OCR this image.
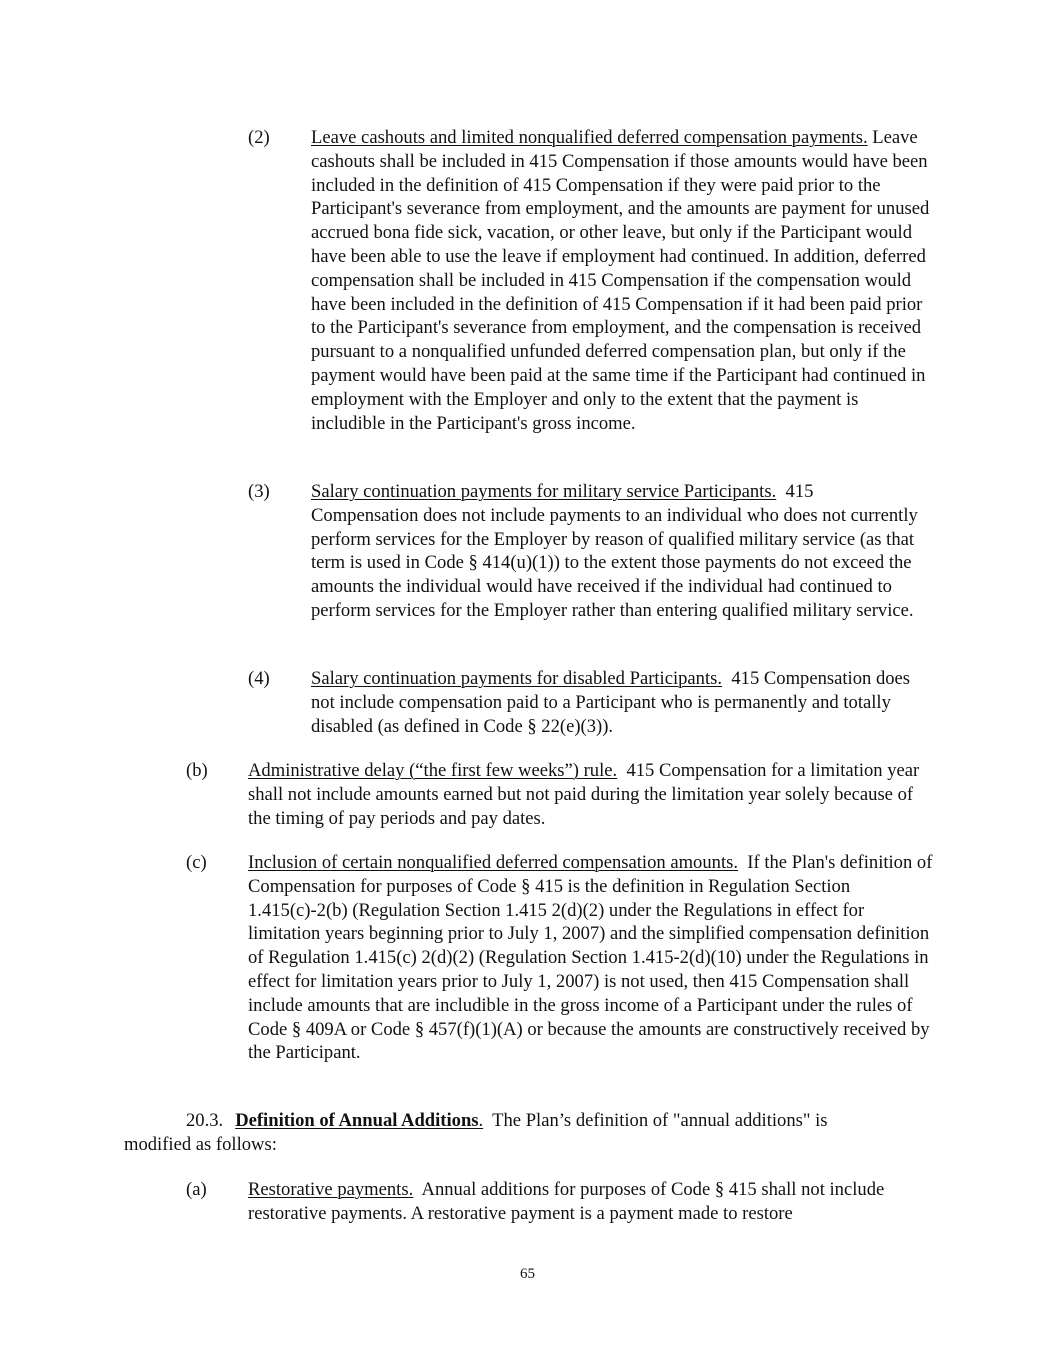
(2) Leave cashouts and limited nonqualified deferred compensation payments. Leave cashouts shall be included in 415 Compensation if those amounts would have been included in the definition of 415 Compensation if they were paid prior to the Participant's severance from employment, and the amounts are payment for unused accrued bona fide sick, vacation, or other leave, but only if the Participant would have been able to use the leave if employment had continued. In addition, deferred compensation shall be included in 415 Compensation if the compensation would have been included in the definition of 415 Compensation if it had been paid prior to the Participant's severance from employment, and the compensation is received pursuant to a nonqualified unfunded deferred compensation plan, but only if the payment would have been paid at the same time if the Participant had continued in employment with the Employer and only to the extent that the payment is includible in the Participant's gross income.

(3) Salary continuation payments for military service Participants. 415 Compensation does not include payments to an individual who does not currently perform services for the Employer by reason of qualified military service (as that term is used in Code § 414(u)(1)) to the extent those payments do not exceed the amounts the individual would have received if the individual had continued to perform services for the Employer rather than entering qualified military service.

(4) Salary continuation payments for disabled Participants. 415 Compensation does not include compensation paid to a Participant who is permanently and totally disabled (as defined in Code § 22(e)(3)).

(b) Administrative delay (“the first few weeks”) rule. 415 Compensation for a limitation year shall not include amounts earned but not paid during the limitation year solely because of the timing of pay periods and pay dates.

(c) Inclusion of certain nonqualified deferred compensation amounts. If the Plan's definition of Compensation for purposes of Code § 415 is the definition in Regulation Section 1.415(c)-2(b) (Regulation Section 1.415 2(d)(2) under the Regulations in effect for limitation years beginning prior to July 1, 2007) and the simplified compensation definition of Regulation 1.415(c) 2(d)(2) (Regulation Section 1.415-2(d)(10) under the Regulations in effect for limitation years prior to July 1, 2007) is not used, then 415 Compensation shall include amounts that are includible in the gross income of a Participant under the rules of Code § 409A or Code § 457(f)(1)(A) or because the amounts are constructively received by the Participant.

20.3. Definition of Annual Additions. The Plan’s definition of "annual additions" is

modified as follows:

(a) Restorative payments. Annual additions for purposes of Code § 415 shall not include restorative payments. A restorative payment is a payment made to restore

65
